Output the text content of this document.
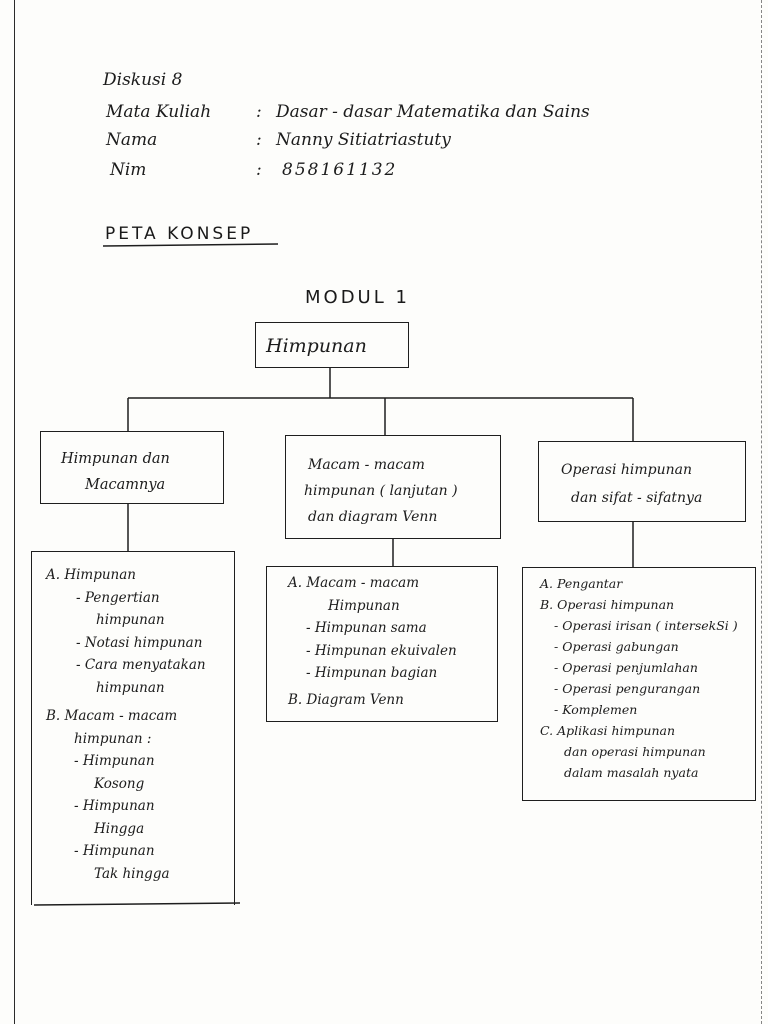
Diskusi 8
Mata Kuliah	: Dasar - dasar Matematika dan Sains
Nama	: Nanny Sitiatriastuty
Nim	: 858161132
PETA KONSEP
MODUL 1
Himpunan
Himpunan dan
Macamnya
Macam - macam
himpunan ( lanjutan )
dan diagram Venn
Operasi himpunan
dan sifat - sifatnya
A. Himpunan
- Pengertian
himpunan
- Notasi himpunan
- Cara menyatakan
himpunan
B. Macam - macam
himpunan :
- Himpunan
Kosong
- Himpunan
Hingga
- Himpunan
Tak hingga
A. Macam - macam
Himpunan
- Himpunan sama
- Himpunan ekuivalen
- Himpunan bagian
B. Diagram Venn
A. Pengantar
B. Operasi himpunan
- Operasi irisan ( intersekSi )
- Operasi gabungan
- Operasi penjumlahan
- Operasi pengurangan
- Komplemen
C. Aplikasi himpunan
dan operasi himpunan
dalam masalah nyata
